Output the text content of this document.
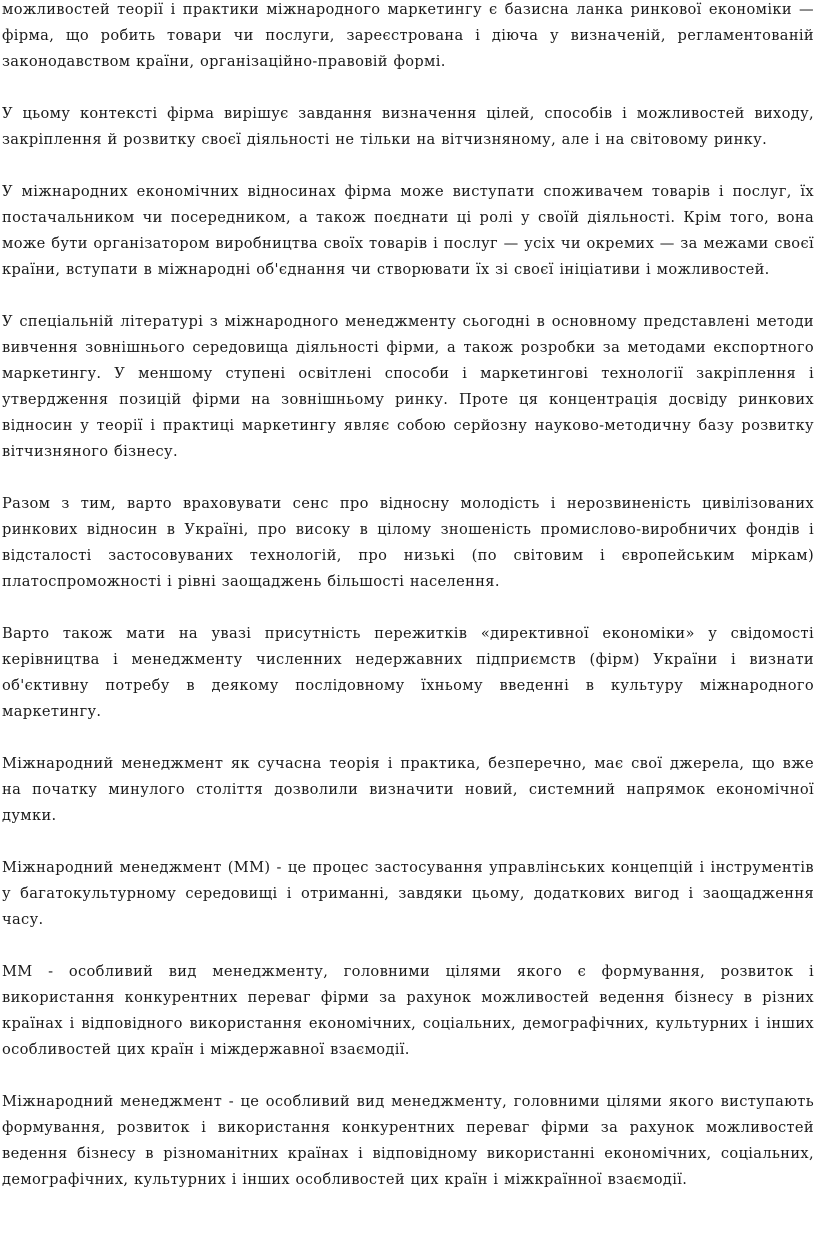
можливостей теорії і практики міжнародного маркетингу є базисна ланка ринкової економіки — фірма, що робить товари чи послуги, зареєстрована і діюча у визначеній, регламентованій законодавством країни, організаційно-правовій формі.

У цьому контексті фірма вирішує завдання визначення цілей, способів і можливостей виходу, закріплення й розвитку своєї діяльності не тільки на вітчизняному, але і на світовому ринку.

У міжнародних економічних відносинах фірма може виступати споживачем товарів і послуг, їх постачальником чи посередником, а також поєднати ці ролі у своїй діяльності. Крім того, вона може бути організатором виробництва своїх товарів і послуг — усіх чи окремих — за межами своєї країни, вступати в міжнародні об'єднання чи створювати їх зі своєї ініціативи і можливостей.

У спеціальній літературі з міжнародного менеджменту сьогодні в основному представлені методи вивчення зовнішнього середовища діяльності фірми, а також розробки за методами експортного маркетингу. У меншому ступені освітлені способи і маркетингові технології закріплення і утвердження позицій фірми на зовнішньому ринку. Проте ця концентрація досвіду ринкових відносин у теорії і практиці маркетингу являє собою серйозну науково-методичну базу розвитку вітчизняного бізнесу.

Разом з тим, варто враховувати сенс про відносну молодість і нерозвиненість цивілізованих ринкових відносин в Україні, про високу в цілому зношеність промислово-виробничих фондів і відсталості застосовуваних технологій, про низькі (по світовим і європейським міркам) платоспроможності і рівні заощаджень більшості населення.

Варто також мати на увазі присутність пережитків «директивної економіки» у свідомості керівництва і менеджменту численних недержавних підприємств (фірм) України і визнати об'єктивну потребу в деякому послідовному їхньому введенні в культуру міжнародного маркетингу.

Міжнародний менеджмент як сучасна теорія і практика, безперечно, має свої джерела, що вже на початку минулого століття дозволили визначити новий, системний напрямок економічної думки.

Міжнародний менеджмент (ММ) - це процес застосування управлінських концепцій і інструментів у багатокультурному середовищі і отриманні, завдяки цьому, додаткових вигод і заощадження часу.

ММ - особливий вид менеджменту, головними цілями якого є формування, розвиток і використання конкурентних переваг фірми за рахунок можливостей ведення бізнесу в різних країнах і відповідного використання економічних, соціальних, демографічних, культурних і інших особливостей цих країн і міждержавної взаємодії.

Міжнародний менеджмент - це особливий вид менеджменту, головними цілями якого виступають формування, розвиток і використання конкурентних переваг фірми за рахунок можливостей ведення бізнесу в різноманітних країнах і відповідному використанні економічних, соціальних, демографічних, культурних і інших особливостей цих країн і міжкраїнної взаємодії.
